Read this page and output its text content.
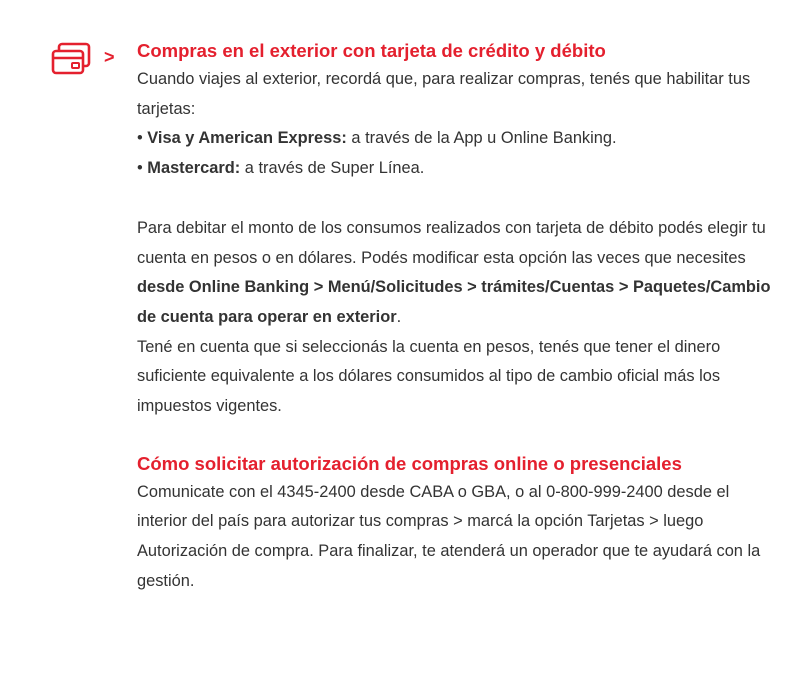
> Compras en el exterior con tarjeta de crédito y débito

Cuando viajes al exterior, recordá que, para realizar compras, tenés que habilitar tus tarjetas:

• Visa y American Express: a través de la App u Online Banking.

• Mastercard: a través de Super Línea.

Para debitar el monto de los consumos realizados con tarjeta de débito podés elegir tu cuenta en pesos o en dólares. Podés modificar esta opción las veces que necesites desde Online Banking > Menú/Solicitudes > trámites/Cuentas > Paquetes/Cambio de cuenta para operar en exterior.

Tené en cuenta que si seleccionás la cuenta en pesos, tenés que tener el dinero suficiente equivalente a los dólares consumidos al tipo de cambio oficial más los impuestos vigentes.

Cómo solicitar autorización de compras online o presenciales

Comunicate con el 4345-2400 desde CABA o GBA, o al 0-800-999-2400 desde el interior del país para autorizar tus compras > marcá la opción Tarjetas > luego Autorización de compra. Para finalizar, te atenderá un operador que te ayudará con la gestión.
